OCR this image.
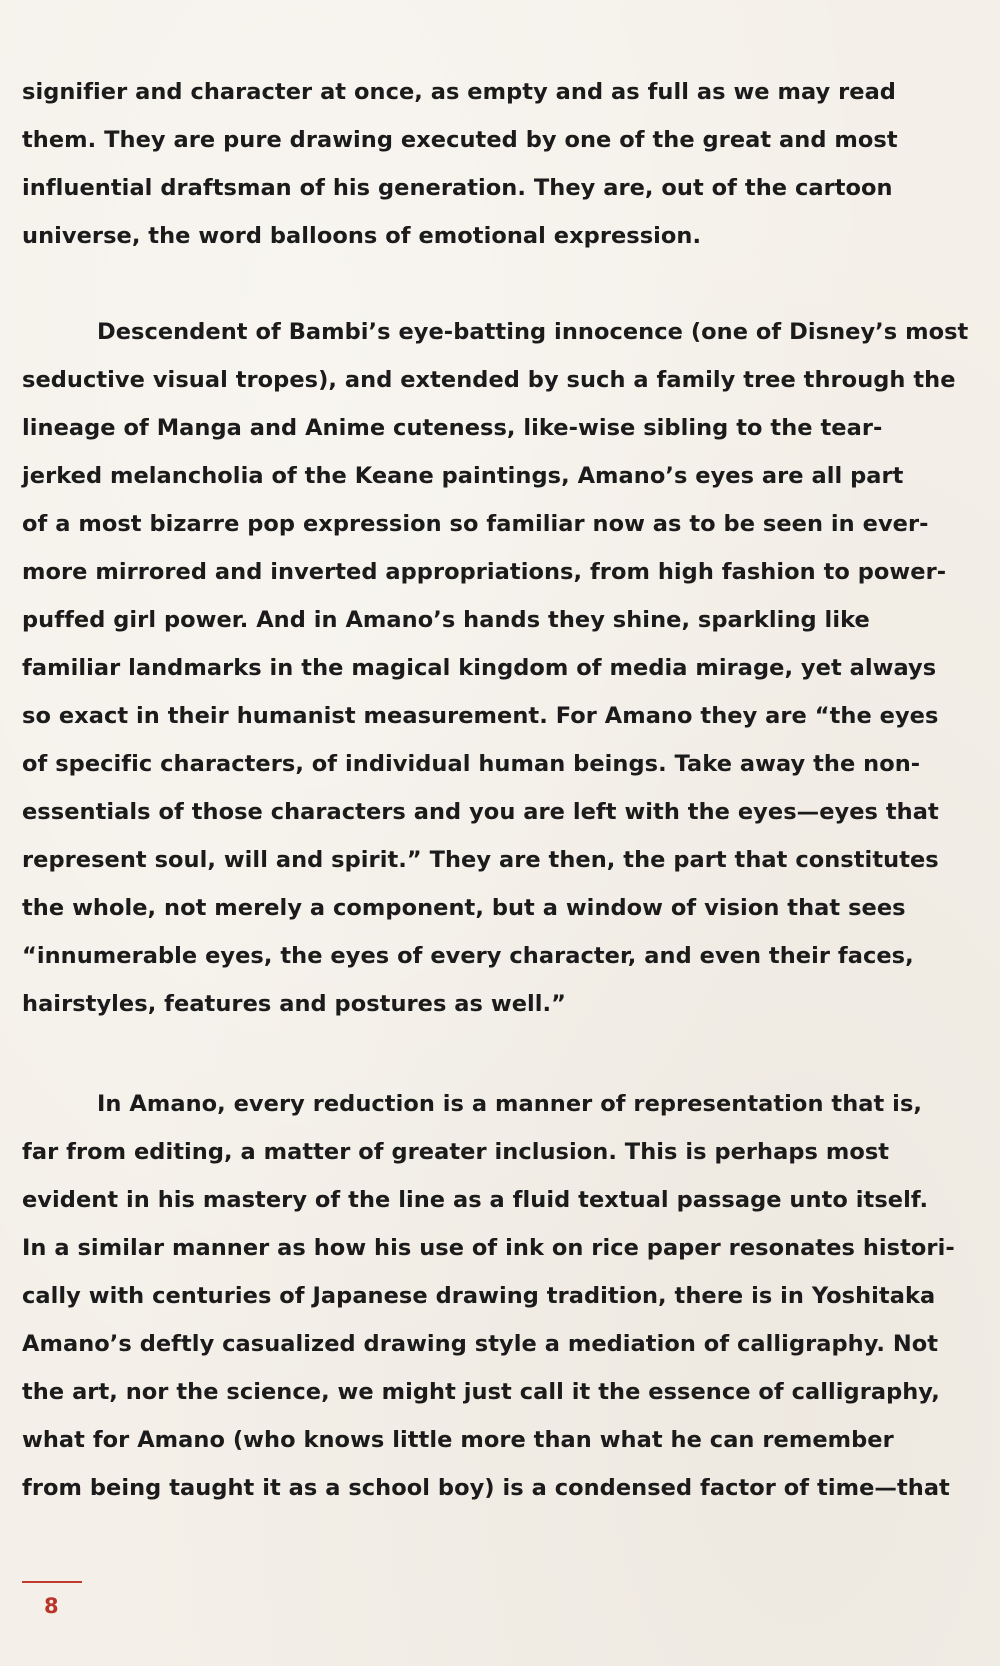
signifier and character at once, as empty and as full as we may read
them. They are pure drawing executed by one of the great and most
influential draftsman of his generation. They are, out of the cartoon
universe, the word balloons of emotional expression.
Descendent of Bambi’s eye-batting innocence (one of Disney’s most
seductive visual tropes), and extended by such a family tree through the
lineage of Manga and Anime cuteness, like-wise sibling to the tear-
jerked melancholia of the Keane paintings, Amano’s eyes are all part
of a most bizarre pop expression so familiar now as to be seen in ever-
more mirrored and inverted appropriations, from high fashion to power-
puffed girl power. And in Amano’s hands they shine, sparkling like
familiar landmarks in the magical kingdom of media mirage, yet always
so exact in their humanist measurement. For Amano they are “the eyes
of specific characters, of individual human beings. Take away the non-
essentials of those characters and you are left with the eyes—eyes that
represent soul, will and spirit.” They are then, the part that constitutes
the whole, not merely a component, but a window of vision that sees
“innumerable eyes, the eyes of every character, and even their faces,
hairstyles, features and postures as well.”
In Amano, every reduction is a manner of representation that is,
far from editing, a matter of greater inclusion. This is perhaps most
evident in his mastery of the line as a fluid textual passage unto itself.
In a similar manner as how his use of ink on rice paper resonates histori-
cally with centuries of Japanese drawing tradition, there is in Yoshitaka
Amano’s deftly casualized drawing style a mediation of calligraphy. Not
the art, nor the science, we might just call it the essence of calligraphy,
what for Amano (who knows little more than what he can remember
from being taught it as a school boy) is a condensed factor of time—that
8
